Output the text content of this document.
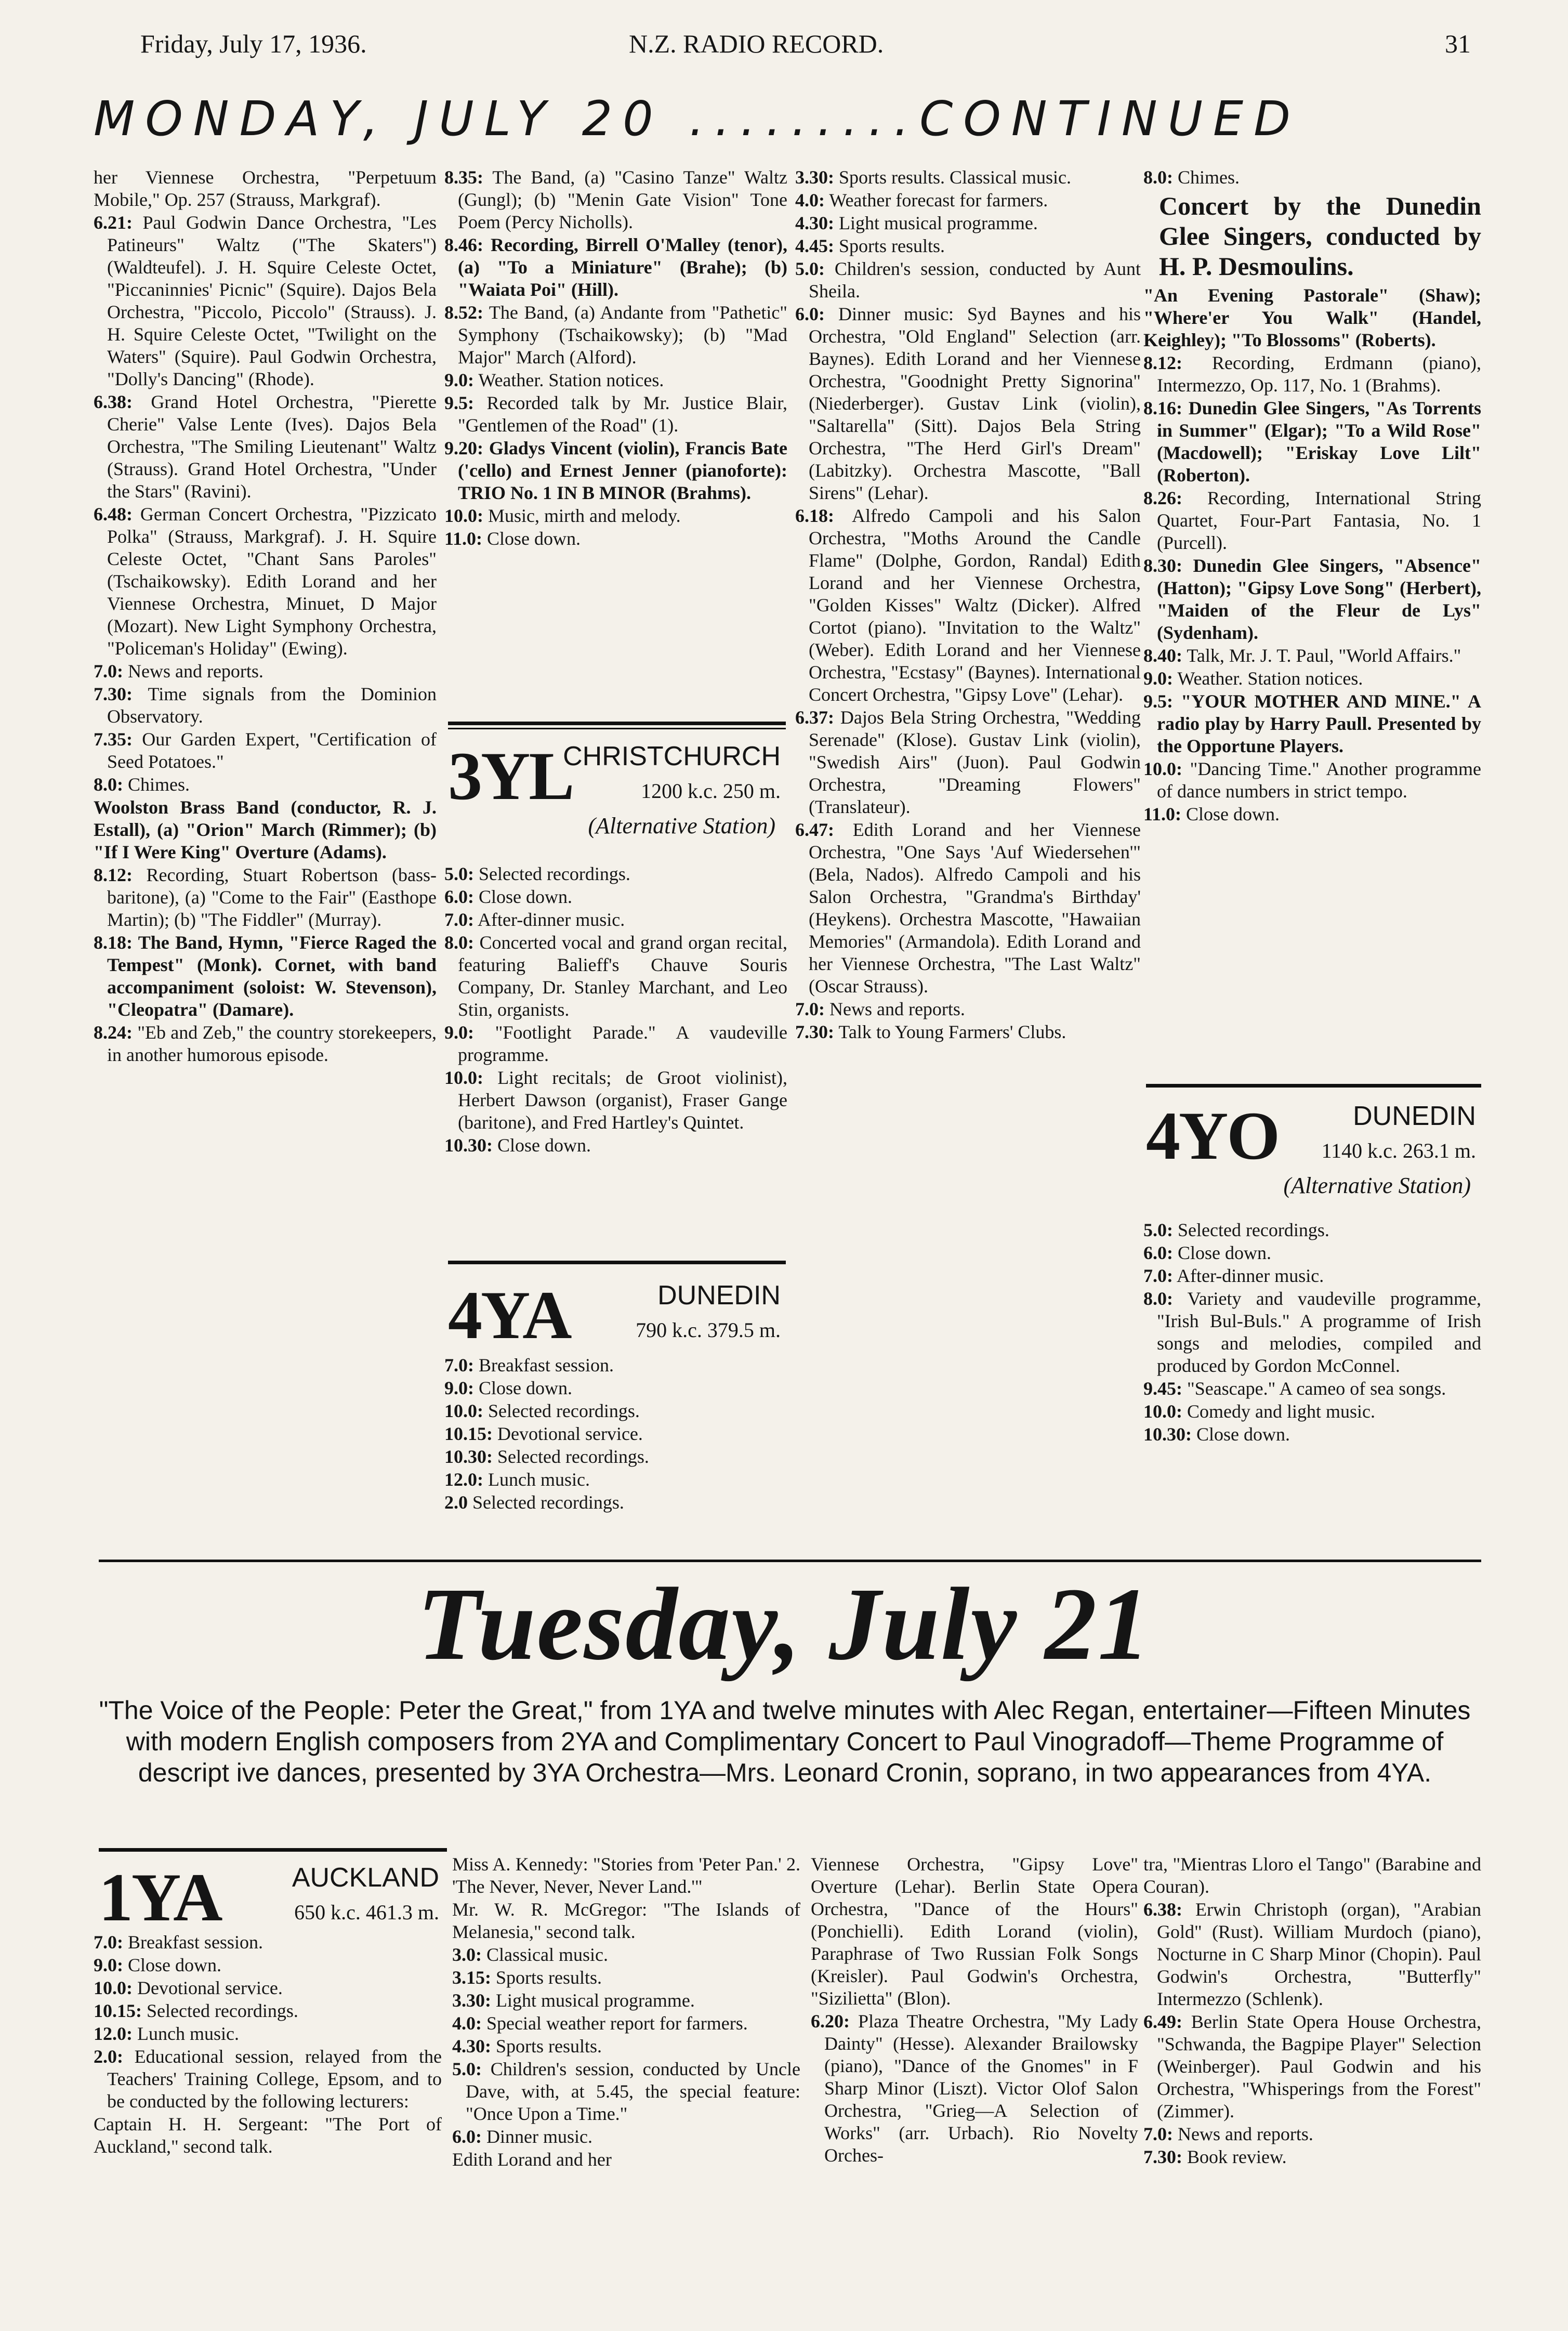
Friday, July 17, 1936.	N.Z. RADIO RECORD.	31
MONDAY, JULY 20 .........CONTINUED

her Viennese Orchestra, "Perpetuum Mobile," Op. 257 (Strauss, Markgraf).

6.21: Paul Godwin Dance Orchestra, "Les Patineurs" Waltz ("The Skaters") (Waldteufel). J. H. Squire Celeste Octet, "Piccaninnies' Picnic" (Squire). Dajos Bela Orchestra, "Piccolo, Piccolo" (Strauss). J. H. Squire Celeste Octet, "Twilight on the Waters" (Squire). Paul Godwin Orchestra, "Dolly's Dancing" (Rhode).

6.38: Grand Hotel Orchestra, "Pierette Cherie" Valse Lente (Ives). Dajos Bela Orchestra, "The Smiling Lieutenant" Waltz (Strauss). Grand Hotel Orchestra, "Under the Stars" (Ravini).

6.48: German Concert Orchestra, "Pizzicato Polka" (Strauss, Markgraf). J. H. Squire Celeste Octet, "Chant Sans Paroles" (Tschaikowsky). Edith Lorand and her Viennese Orchestra, Minuet, D Major (Mozart). New Light Symphony Orchestra, "Policeman's Holiday" (Ewing).

7.0: News and reports.

7.30: Time signals from the Dominion Observatory.

7.35: Our Garden Expert, "Certification of Seed Potatoes."

8.0: Chimes.

Woolston Brass Band (conductor, R. J. Estall), (a) "Orion" March (Rimmer); (b) "If I Were King" Overture (Adams).

8.12: Recording, Stuart Robertson (bass-baritone), (a) "Come to the Fair" (Easthope Martin); (b) "The Fiddler" (Murray).

8.18: The Band, Hymn, "Fierce Raged the Tempest" (Monk). Cornet, with band accompaniment (soloist: W. Stevenson), "Cleopatra" (Damare).

8.24: "Eb and Zeb," the country storekeepers, in another humorous episode.

8.35: The Band, (a) "Casino Tanze" Waltz (Gungl); (b) "Menin Gate Vision" Tone Poem (Percy Nicholls).

8.46: Recording, Birrell O'Malley (tenor), (a) "To a Miniature" (Brahe); (b) "Waiata Poi" (Hill).

8.52: The Band, (a) Andante from "Pathetic" Symphony (Tschaikowsky); (b) "Mad Major" March (Alford).

9.0: Weather. Station notices.

9.5: Recorded talk by Mr. Justice Blair, "Gentlemen of the Road" (1).

9.20: Gladys Vincent (violin), Francis Bate ('cello) and Ernest Jenner (pianoforte): TRIO No. 1 IN B MINOR (Brahms).

10.0: Music, mirth and melody.

11.0: Close down.

3YL
CHRISTCHURCH
1200 k.c. 250 m.
(Alternative Station)

5.0: Selected recordings.

6.0: Close down.

7.0: After-dinner music.

8.0: Concerted vocal and grand organ recital, featuring Balieff's Chauve Souris Company, Dr. Stanley Marchant, and Leo Stin, organists.

9.0: "Footlight Parade." A vaudeville programme.

10.0: Light recitals; de Groot violinist), Herbert Dawson (organist), Fraser Gange (baritone), and Fred Hartley's Quintet.

10.30: Close down.

4YA	DUNEDIN
790 k.c. 379.5 m.

7.0: Breakfast session.

9.0: Close down.

10.0: Selected recordings.

10.15: Devotional service.

10.30: Selected recordings.

12.0: Lunch music.

2.0 Selected recordings.

3.30: Sports results. Classical music.

4.0: Weather forecast for farmers.

4.30: Light musical programme.

4.45: Sports results.

5.0: Children's session, conducted by Aunt Sheila.

6.0: Dinner music: Syd Baynes and his Orchestra, "Old England" Selection (arr. Baynes). Edith Lorand and her Viennese Orchestra, "Goodnight Pretty Signorina" (Niederberger). Gustav Link (violin), "Saltarella" (Sitt). Dajos Bela String Orchestra, "The Herd Girl's Dream" (Labitzky). Orchestra Mascotte, "Ball Sirens" (Lehar).

6.18: Alfredo Campoli and his Salon Orchestra, "Moths Around the Candle Flame" (Dolphe, Gordon, Randal) Edith Lorand and her Viennese Orchestra, "Golden Kisses" Waltz (Dicker). Alfred Cortot (piano). "Invitation to the Waltz" (Weber). Edith Lorand and her Viennese Orchestra, "Ecstasy" (Baynes). International Concert Orchestra, "Gipsy Love" (Lehar).

6.37: Dajos Bela String Orchestra, "Wedding Serenade" (Klose). Gustav Link (violin), "Swedish Airs" (Juon). Paul Godwin Orchestra, "Dreaming Flowers" (Translateur).

6.47: Edith Lorand and her Viennese Orchestra, "One Says 'Auf Wiedersehen'" (Bela, Nados). Alfredo Campoli and his Salon Orchestra, "Grandma's Birthday' (Heykens). Orchestra Mascotte, "Hawaiian Memories" (Armandola). Edith Lorand and her Viennese Orchestra, "The Last Waltz" (Oscar Strauss).

7.0: News and reports.

7.30: Talk to Young Farmers' Clubs.

8.0: Chimes.

Concert by the Dunedin Glee Singers, conducted by H. P. Desmoulins.

"An Evening Pastorale" (Shaw); "Where'er You Walk" (Handel, Keighley); "To Blossoms" (Roberts).

8.12: Recording, Erdmann (piano), Intermezzo, Op. 117, No. 1 (Brahms).

8.16: Dunedin Glee Singers, "As Torrents in Summer" (Elgar); "To a Wild Rose" (Macdowell); "Eriskay Love Lilt" (Roberton).

8.26: Recording, International String Quartet, Four-Part Fantasia, No. 1 (Purcell).

8.30: Dunedin Glee Singers, "Absence" (Hatton); "Gipsy Love Song" (Herbert), "Maiden of the Fleur de Lys" (Sydenham).

8.40: Talk, Mr. J. T. Paul, "World Affairs."

9.0: Weather. Station notices.

9.5: "YOUR MOTHER AND MINE." A radio play by Harry Paull. Presented by the Opportune Players.

10.0: "Dancing Time." Another programme of dance numbers in strict tempo.

11.0: Close down.

4YO	DUNEDIN
1140 k.c. 263.1 m.
(Alternative Station)

5.0: Selected recordings.

6.0: Close down.

7.0: After-dinner music.

8.0: Variety and vaudeville programme, "Irish Bul-Buls." A programme of Irish songs and melodies, compiled and produced by Gordon McConnel.

9.45: "Seascape." A cameo of sea songs.

10.0: Comedy and light music.

10.30: Close down.

Tuesday, July 21
"The Voice of the People: Peter the Great," from 1YA and twelve minutes with Alec Regan, entertainer—Fifteen Minutes with modern English composers from 2YA and Complimentary Concert to Paul Vinogradoff—Theme Programme of descript ive dances, presented by 3YA Orchestra—Mrs. Leonard Cronin, soprano, in two appearances from 4YA.
1YA	AUCKLAND
650 k.c. 461.3 m.

7.0: Breakfast session.

9.0: Close down.

10.0: Devotional service.

10.15: Selected recordings.

12.0: Lunch music.

2.0: Educational session, relayed from the Teachers' Training College, Epsom, and to be conducted by the following lecturers:

Captain H. H. Sergeant: "The Port of Auckland," second talk.

Miss A. Kennedy: "Stories from 'Peter Pan.' 2. 'The Never, Never, Never Land.'"

Mr. W. R. McGregor: "The Islands of Melanesia," second talk.

3.0: Classical music.

3.15: Sports results.

3.30: Light musical programme.

4.0: Special weather report for farmers.

4.30: Sports results.

5.0: Children's session, conducted by Uncle Dave, with, at 5.45, the special feature: "Once Upon a Time."

6.0: Dinner music.

Edith Lorand and her

Viennese Orchestra, "Gipsy Love" Overture (Lehar). Berlin State Opera Orchestra, "Dance of the Hours" (Ponchielli). Edith Lorand (violin), Paraphrase of Two Russian Folk Songs (Kreisler). Paul Godwin's Orchestra, "Sizilietta" (Blon).

6.20: Plaza Theatre Orchestra, "My Lady Dainty" (Hesse). Alexander Brailowsky (piano), "Dance of the Gnomes" in F Sharp Minor (Liszt). Victor Olof Salon Orchestra, "Grieg—A Selection of Works" (arr. Urbach). Rio Novelty Orches-

tra, "Mientras Lloro el Tango" (Barabine and Couran).

6.38: Erwin Christoph (organ), "Arabian Gold" (Rust). William Murdoch (piano), Nocturne in C Sharp Minor (Chopin). Paul Godwin's Orchestra, "Butterfly" Intermezzo (Schlenk).

6.49: Berlin State Opera House Orchestra, "Schwanda, the Bagpipe Player" Selection (Weinberger). Paul Godwin and his Orchestra, "Whisperings from the Forest" (Zimmer).

7.0: News and reports.

7.30: Book review.
